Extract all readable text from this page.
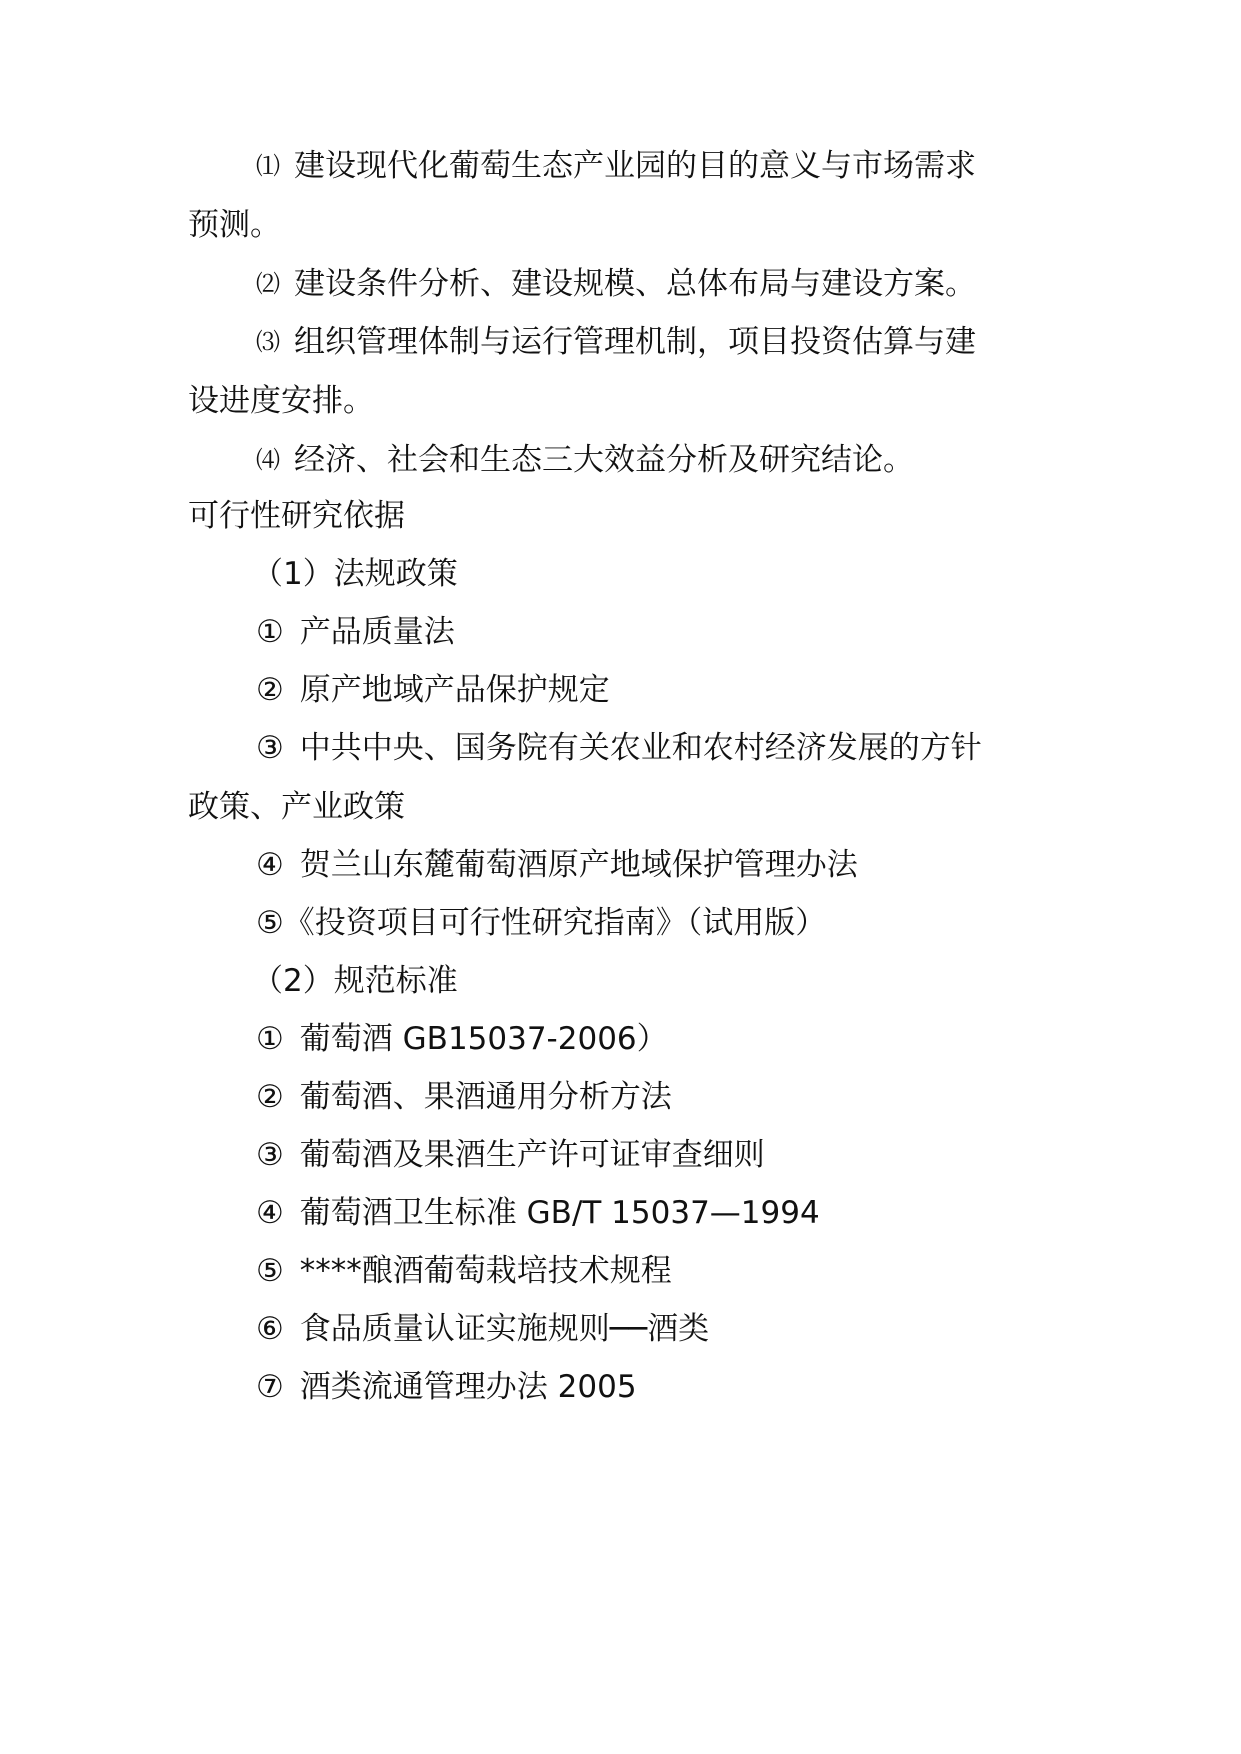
⑴ 建设现代化葡萄生态产业园的目的意义与市场需求
预测。
⑵ 建设条件分析、建设规模、总体布局与建设方案。
⑶ 组织管理体制与运行管理机制，项目投资估算与建
设进度安排。
⑷ 经济、社会和生态三大效益分析及研究结论。
可行性研究依据
（1）法规政策
① 产品质量法
② 原产地域产品保护规定
③ 中共中央、国务院有关农业和农村经济发展的方针
政策、产业政策
④ 贺兰山东麓葡萄酒原产地域保护管理办法
⑤《投资项目可行性研究指南》（试用版）
（2）规范标准
① 葡萄酒 GB15037-2006）
② 葡萄酒、果酒通用分析方法
③ 葡萄酒及果酒生产许可证审查细则
④ 葡萄酒卫生标准 GB/T 15037—1994
⑤ ****酿酒葡萄栽培技术规程
⑥ 食品质量认证实施规则──酒类
⑦ 酒类流通管理办法 2005
